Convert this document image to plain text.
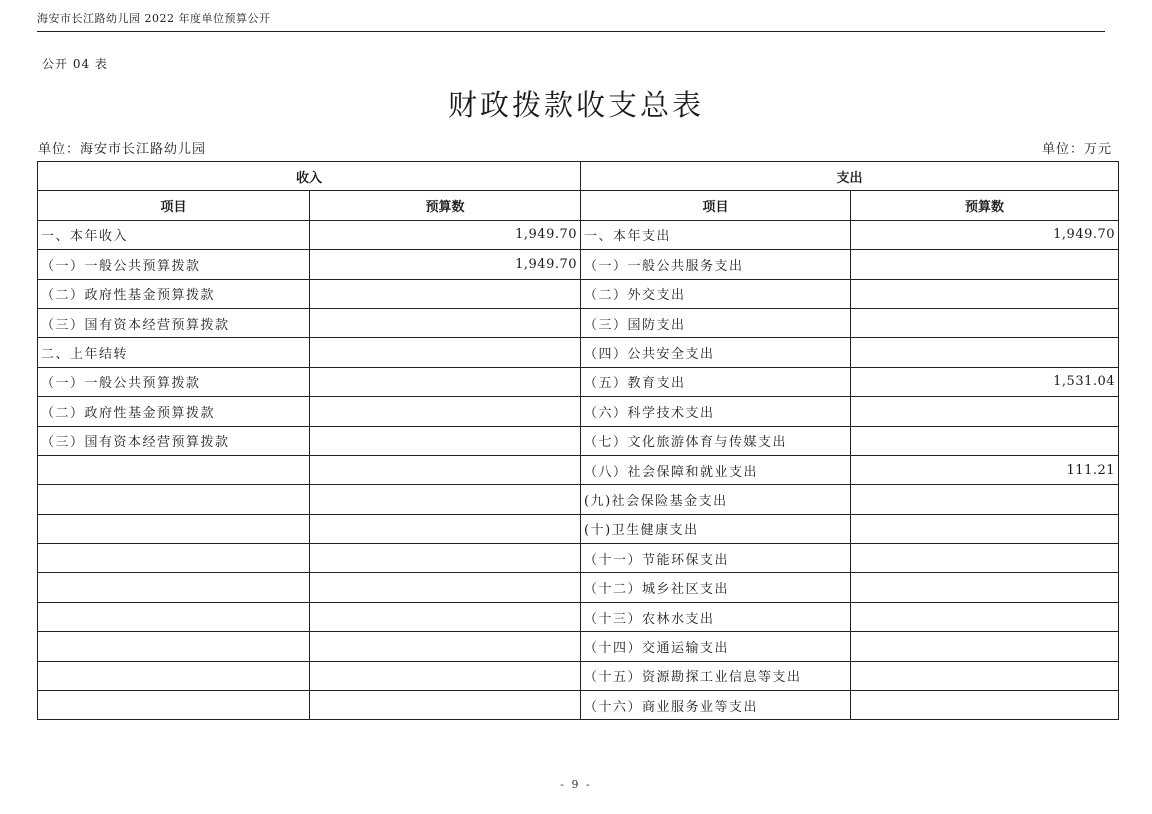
海安市长江路幼儿园 2022 年度单位预算公开
公开 04 表
财政拨款收支总表
单位：海安市长江路幼儿园	单位：万元
收入		支出	
项目	预算数	项目	预算数
一、本年收入	1,949.70	一、本年支出	1,949.70
（一）一般公共预算拨款	1,949.70	（一）一般公共服务支出	
（二）政府性基金预算拨款		（二）外交支出	
（三）国有资本经营预算拨款		（三）国防支出	
二、上年结转		（四）公共安全支出	
（一）一般公共预算拨款		（五）教育支出	1,531.04
（二）政府性基金预算拨款		（六）科学技术支出	
（三）国有资本经营预算拨款		（七）文化旅游体育与传媒支出	
		（八）社会保障和就业支出	111.21
		(九)社会保险基金支出	
		(十)卫生健康支出	
		（十一）节能环保支出	
		（十二）城乡社区支出	
		（十三）农林水支出	
		（十四）交通运输支出	
		（十五）资源勘探工业信息等支出	
		（十六）商业服务业等支出	
- 9 -
